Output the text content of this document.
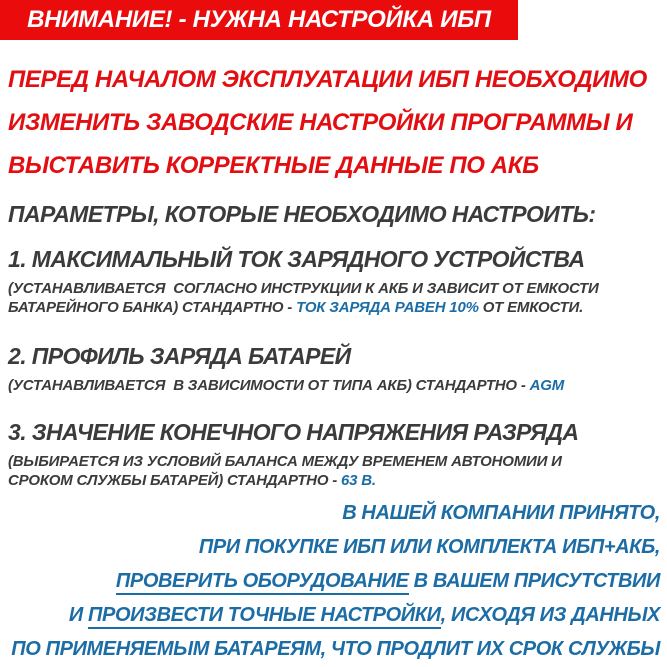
ВНИМАНИЕ! - НУЖНА НАСТРОЙКА ИБП
ПЕРЕД НАЧАЛОМ ЭКСПЛУАТАЦИИ ИБП НЕОБХОДИМО
ИЗМЕНИТЬ ЗАВОДСКИЕ НАСТРОЙКИ ПРОГРАММЫ И
ВЫСТАВИТЬ КОРРЕКТНЫЕ ДАННЫЕ ПО АКБ
ПАРАМЕТРЫ, КОТОРЫЕ НЕОБХОДИМО НАСТРОИТЬ:
1. МАКСИМАЛЬНЫЙ ТОК ЗАРЯДНОГО УСТРОЙСТВА
(УСТАНАВЛИВАЕТСЯ  СОГЛАСНО ИНСТРУКЦИИ К АКБ И ЗАВИСИТ ОТ ЕМКОСТИ
БАТАРЕЙНОГО БАНКА) СТАНДАРТНО - ТОК ЗАРЯДА РАВЕН 10% ОТ ЕМКОСТИ.
2. ПРОФИЛЬ ЗАРЯДА БАТАРЕЙ
(УСТАНАВЛИВАЕТСЯ  В ЗАВИСИМОСТИ ОТ ТИПА АКБ) СТАНДАРТНО - AGM
3. ЗНАЧЕНИЕ КОНЕЧНОГО НАПРЯЖЕНИЯ РАЗРЯДА
(ВЫБИРАЕТСЯ ИЗ УСЛОВИЙ БАЛАНСА МЕЖДУ ВРЕМЕНЕМ АВТОНОМИИ И
СРОКОМ СЛУЖБЫ БАТАРЕЙ) СТАНДАРТНО - 63 В.
В НАШЕЙ КОМПАНИИ ПРИНЯТО,
ПРИ ПОКУПКЕ ИБП ИЛИ КОМПЛЕКТА ИБП+АКБ,
ПРОВЕРИТЬ ОБОРУДОВАНИЕ В ВАШЕМ ПРИСУТСТВИИ
И ПРОИЗВЕСТИ ТОЧНЫЕ НАСТРОЙКИ, ИСХОДЯ ИЗ ДАННЫХ
ПО ПРИМЕНЯЕМЫМ БАТАРЕЯМ, ЧТО ПРОДЛИТ ИХ СРОК СЛУЖБЫ
